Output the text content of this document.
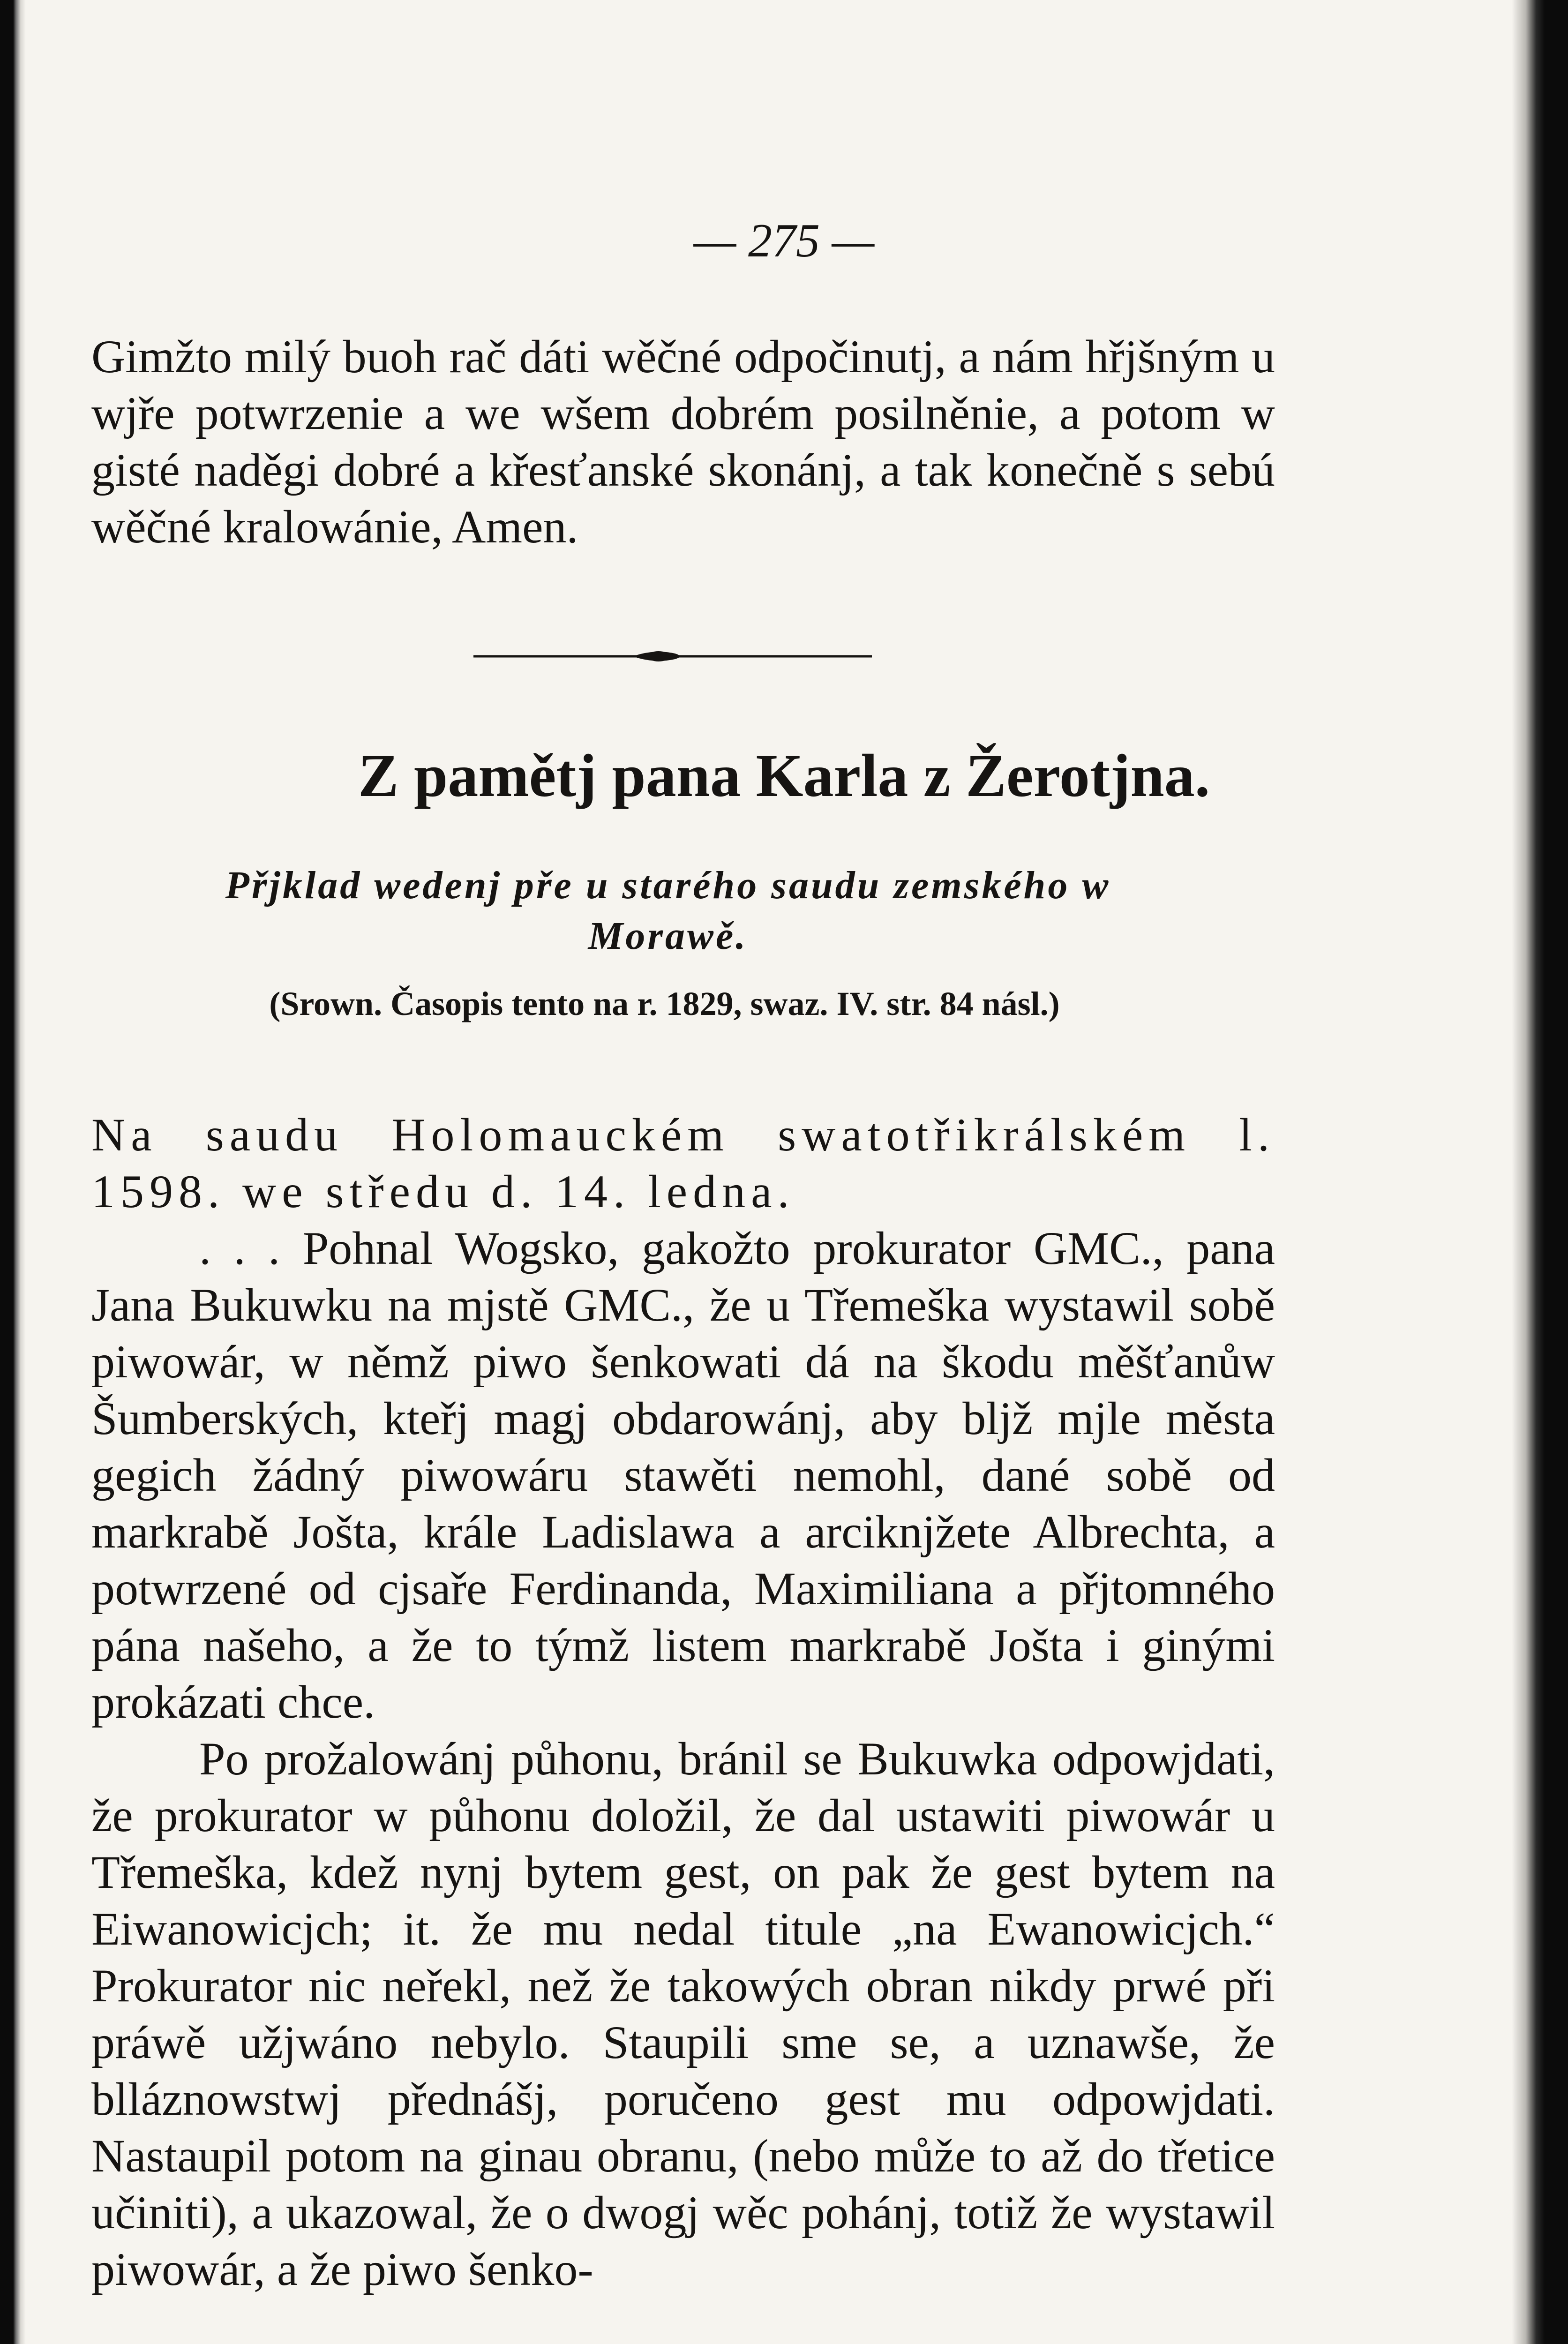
— 275 —

Gimžto milý buoh rač dáti wěčné odpočinutj, a nám hřjšným u wjře potwrzenie a we wšem dobrém posilněnie, a potom w gisté naděgi dobré a křesťanské skonánj, a tak konečně s sebú wěčné kralowánie, Amen.

Z pamětj pana Karla z Žerotjna.
Přjklad wedenj pře u starého saudu zemského w Morawě.
(Srown. Časopis tento na r. 1829, swaz. IV. str. 84 násl.)

Na saudu Holomauckém swatotřikrálském l. 1598. we středu d. 14. ledna.

. . . Pohnal Wogsko, gakožto prokurator GMC., pana Jana Bukuwku na mjstě GMC., že u Třemeška wystawil sobě piwowár, w němž piwo šenkowati dá na škodu měšťanůw Šumberských, kteřj magj obdarowánj, aby bljž mjle města gegich žádný piwowáru stawěti nemohl, dané sobě od markrabě Jošta, krále Ladislawa a arciknjžete Albrechta, a potwrzené od cjsaře Ferdinanda, Maximiliana a přjtomného pána našeho, a že to týmž listem markrabě Jošta i ginými prokázati chce.

Po prožalowánj půhonu, bránil se Bukuwka odpowjdati, že prokurator w půhonu doložil, že dal ustawiti piwowár u Třemeška, kdež nynj bytem gest, on pak že gest bytem na Eiwanowicjch; it. že mu nedal titule „na Ewanowicjch.“ Prokurator nic neřekl, než že takowých obran nikdy prwé při práwě užjwáno nebylo. Staupili sme se, a uznawše, že blláznowstwj přednášj, poručeno gest mu odpowjdati. Nastaupil potom na ginau obranu, (nebo může to až do třetice učiniti), a ukazowal, že o dwogj wěc pohánj, totiž že wystawil piwowár, a že piwo šenko-
